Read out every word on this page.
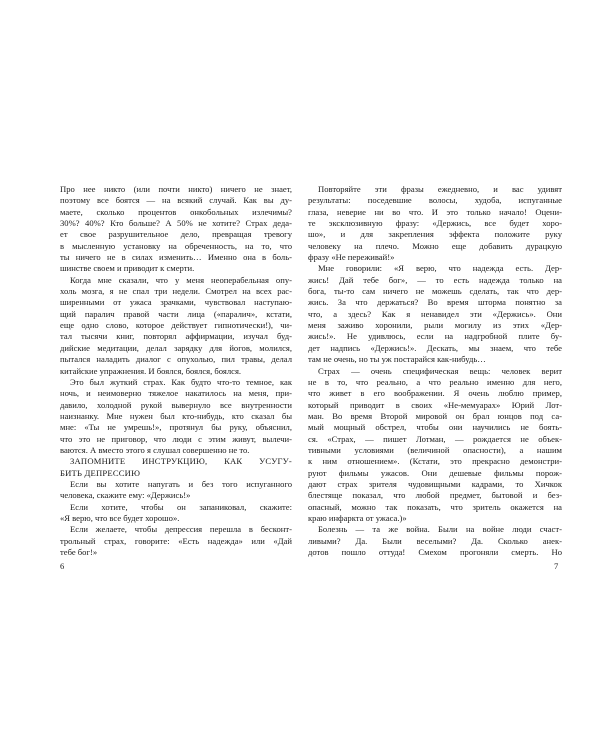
Про нее никто (или почти никто) ничего не знает,
поэтому все боятся — на всякий случай. Как вы ду-
маете, сколько процентов онкобольных излечимы?
30%? 40%? Кто больше? А 50% не хотите? Страх деда-
ет свое разрушительное дело, превращая тревогу
в мысленную установку на обреченность, на то, что
ты ничего не в силах изменить… Именно она в боль-
шинстве своем и приводит к смерти.
Когда мне сказали, что у меня неоперабельная опу-
холь мозга, я не спал три недели. Смотрел на всех рас-
ширенными от ужаса зрачками, чувствовал наступаю-
щий паралич правой части лица («паралич», кстати,
еще одно слово, которое действует гипнотически!), чи-
тал тысячи книг, повторял аффирмации, изучал буд-
дийские медитации, делал зарядку для йогов, молился,
пытался наладить диалог с опухолью, пил травы, делал
китайские упражнения. И боялся, боялся, боялся.
Это был жуткий страх. Как будто что-то темное, как
ночь, и неимоверно тяжелое накатилось на меня, при-
давило, холодной рукой вывернуло все внутренности
наизнанку. Мне нужен был кто-нибудь, кто сказал бы
мне: «Ты не умрешь!», протянул бы руку, объяснил,
что это не приговор, что люди с этим живут, вылечи-
ваются. А вместо этого я слушал совершенно не то.
ЗАПОМНИТЕ ИНСТРУКЦИЮ, КАК УСУГУ-
БИТЬ ДЕПРЕССИЮ
Если вы хотите напугать и без того испуганного
человека, скажите ему: «Держись!»
Если хотите, чтобы он запаниковал, скажите:
«Я верю, что все будет хорошо».
Если желаете, чтобы депрессия перешла в бесконт-
трольный страх, говорите: «Есть надежда» или «Дай
тебе бог!»
6
Повторяйте эти фразы ежедневно, и вас удивят
результаты: поседевшие волосы, худоба, испуганные
глаза, неверие ни во что. И это только начало! Оцени-
те эксклюзивную фразу: «Держись, все будет хоро-
шо», и для закрепления эффекта положите руку
человеку на плечо. Можно еще добавить дурацкую
фразу «Не переживай!»
Мне говорили: «Я верю, что надежда есть. Дер-
жись! Дай тебе бог», — то есть надежда только на
бога, ты-то сам ничего не можешь сделать, так что дер-
жись. За что держаться? Во время шторма понятно за
что, а здесь? Как я ненавидел эти «Держись». Они
меня заживо хоронили, рыли могилу из этих «Дер-
жись!». Не удивлюсь, если на надгробной плите бу-
дет надпись «Держись!». Дескать, мы знаем, что тебе
там не очень, но ты уж постарайся как-нибудь…
Страх — очень специфическая вещь: человек верит
не в то, что реально, а что реально именно для него,
что живет в его воображении. Я очень люблю пример,
который приводит в своих «Не-мемуарах» Юрий Лот-
ман. Во время Второй мировой он брал юнцов под са-
мый мощный обстрел, чтобы они научились не боять-
ся. «Страх, — пишет Лотман, — рождается не объек-
тивными условиями (величиной опасности), а нашим
к ним отношением». (Кстати, это прекрасно демонстри-
руют фильмы ужасов. Они дешевые фильмы порож-
дают страх зрителя чудовищными кадрами, то Хичкок
блестяще показал, что любой предмет, бытовой и без-
опасный, можно так показать, что зритель окажется на
краю инфаркта от ужаса.)»
Болезнь — та же война. Были на войне люди счаст-
ливыми? Да. Были веселыми? Да. Сколько анек-
дотов пошло оттуда! Смехом прогоняли смерть. Но
7
